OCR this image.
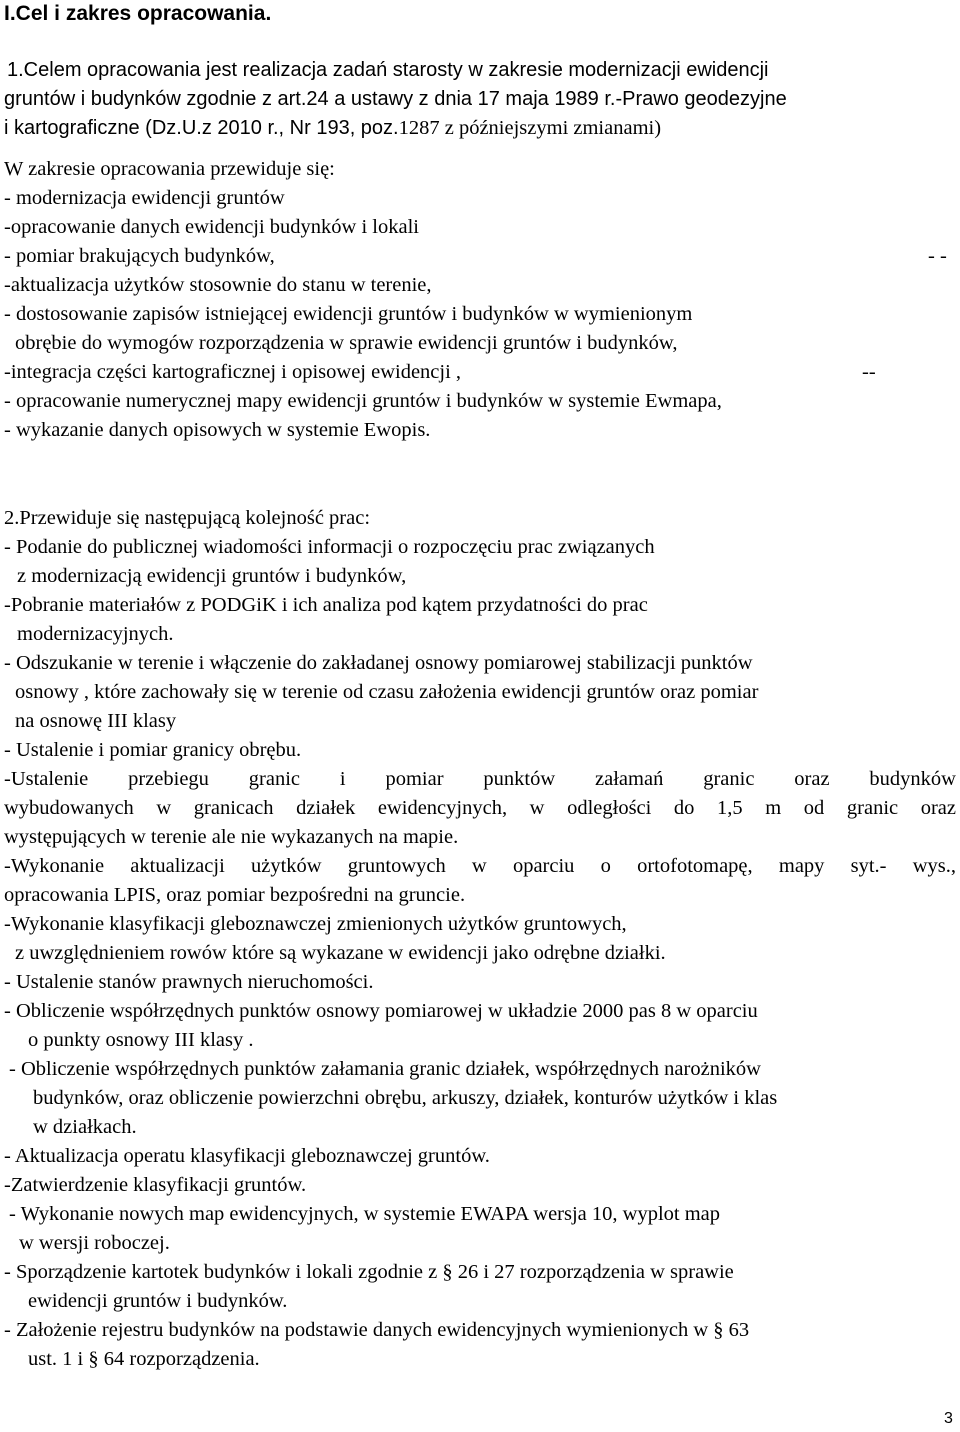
I.Cel i zakres opracowania.
1.Celem opracowania jest realizacja zadań starosty w zakresie modernizacji ewidencji
gruntów i budynków zgodnie z art.24 a ustawy z dnia 17 maja 1989 r.-Prawo geodezyjne
i kartograficzne (Dz.U.z 2010 r., Nr 193, poz.1287 z późniejszymi zmianami)
W zakresie opracowania przewiduje się:
- modernizacja ewidencji gruntów
-opracowanie danych ewidencji budynków i lokali
- pomiar brakujących budynków,	- -
-aktualizacja użytków stosownie do stanu w terenie,
- dostosowanie zapisów istniejącej ewidencji gruntów i budynków w wymienionym
obrębie do wymogów rozporządzenia w sprawie ewidencji gruntów i budynków,
-integracja części kartograficznej i opisowej ewidencji ,	--
- opracowanie numerycznej mapy ewidencji gruntów i budynków w systemie Ewmapa,
- wykazanie danych opisowych w systemie Ewopis.
2.Przewiduje się następującą kolejność prac:
- Podanie do publicznej wiadomości informacji o rozpoczęciu prac związanych
z modernizacją ewidencji gruntów i budynków,
-Pobranie materiałów z PODGiK i ich analiza pod kątem przydatności do prac
modernizacyjnych.
- Odszukanie w terenie i włączenie do zakładanej osnowy pomiarowej stabilizacji punktów
osnowy , które zachowały się w terenie od czasu założenia ewidencji gruntów oraz pomiar
na osnowę III klasy
- Ustalenie i pomiar granicy obrębu.
-Ustalenie przebiegu granic i pomiar punktów załamań granic oraz budynków
wybudowanych w granicach działek ewidencyjnych, w odległości do 1,5 m od granic oraz
występujących w terenie ale nie wykazanych na mapie.
-Wykonanie aktualizacji użytków gruntowych w oparciu o ortofotomapę, mapy syt.- wys.,
opracowania LPIS, oraz pomiar bezpośredni na gruncie.
-Wykonanie klasyfikacji gleboznawczej zmienionych użytków gruntowych,
z uwzględnieniem rowów które są wykazane w ewidencji jako odrębne działki.
- Ustalenie stanów prawnych nieruchomości.
- Obliczenie współrzędnych punktów osnowy pomiarowej w układzie 2000 pas 8 w oparciu
o punkty osnowy III klasy .
- Obliczenie współrzędnych punktów załamania granic działek, współrzędnych narożników
budynków, oraz obliczenie powierzchni obrębu, arkuszy, działek, konturów użytków i klas
w działkach.
- Aktualizacja operatu klasyfikacji gleboznawczej gruntów.
-Zatwierdzenie klasyfikacji gruntów.
- Wykonanie nowych map ewidencyjnych, w systemie EWAPA wersja 10, wyplot map
w wersji roboczej.
- Sporządzenie kartotek budynków i lokali zgodnie z § 26 i 27 rozporządzenia w sprawie
ewidencji gruntów i budynków.
- Założenie rejestru budynków na podstawie danych ewidencyjnych wymienionych w § 63
ust. 1 i § 64 rozporządzenia.
3
